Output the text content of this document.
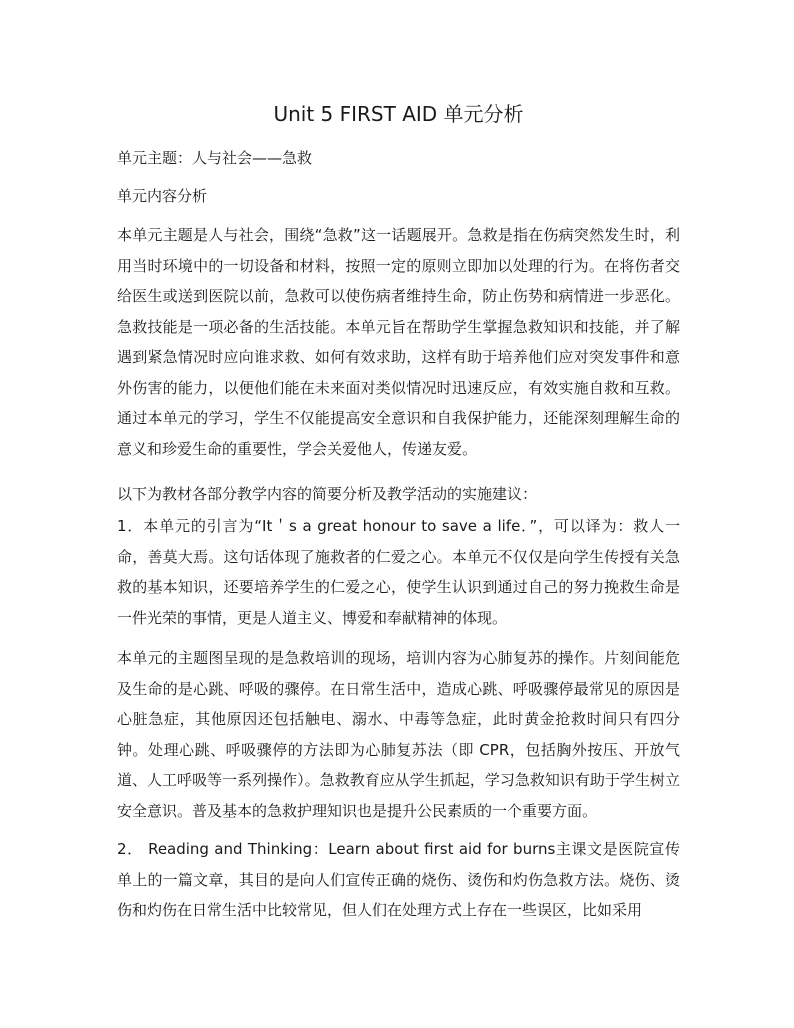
Unit 5 FIRST AID 单元分析
单元主题：人与社会——急救
单元内容分析
本单元主题是人与社会，围绕“急救”这一话题展开。急救是指在伤病突然发生时，利用当时环境中的一切设备和材料，按照一定的原则立即加以处理的行为。在将伤者交给医生或送到医院以前，急救可以使伤病者维持生命，防止伤势和病情进一步恶化。急救技能是一项必备的生活技能。本单元旨在帮助学生掌握急救知识和技能，并了解遇到紧急情况时应向谁求救、如何有效求助，这样有助于培养他们应对突发事件和意外伤害的能力，以便他们能在未来面对类似情况时迅速反应，有效实施自救和互救。通过本单元的学习，学生不仅能提高安全意识和自我保护能力，还能深刻理解生命的意义和珍爱生命的重要性，学会关爱他人，传递友爱。
以下为教材各部分教学内容的简要分析及教学活动的实施建议：
1．本单元的引言为“It＇s a great honour to save a life．”，可以译为：救人一命，善莫大焉。这句话体现了施救者的仁爱之心。本单元不仅仅是向学生传授有关急救的基本知识，还要培养学生的仁爱之心，使学生认识到通过自己的努力挽救生命是一件光荣的事情，更是人道主义、博爱和奉献精神的体现。
本单元的主题图呈现的是急救培训的现场，培训内容为心肺复苏的操作。片刻间能危及生命的是心跳、呼吸的骤停。在日常生活中，造成心跳、呼吸骤停最常见的原因是心脏急症，其他原因还包括触电、溺水、中毒等急症，此时黄金抢救时间只有四分钟。处理心跳、呼吸骤停的方法即为心肺复苏法（即 CPR，包括胸外按压、开放气道、人工呼吸等一系列操作）。急救教育应从学生抓起，学习急救知识有助于学生树立安全意识。普及基本的急救护理知识也是提升公民素质的一个重要方面。
2． Reading and Thinking：Learn about first aid for burns主课文是医院宣传单上的一篇文章，其目的是向人们宣传正确的烧伤、烫伤和灼伤急救方法。烧伤、烫伤和灼伤在日常生活中比较常见，但人们在处理方式上存在一些误区，比如采用
